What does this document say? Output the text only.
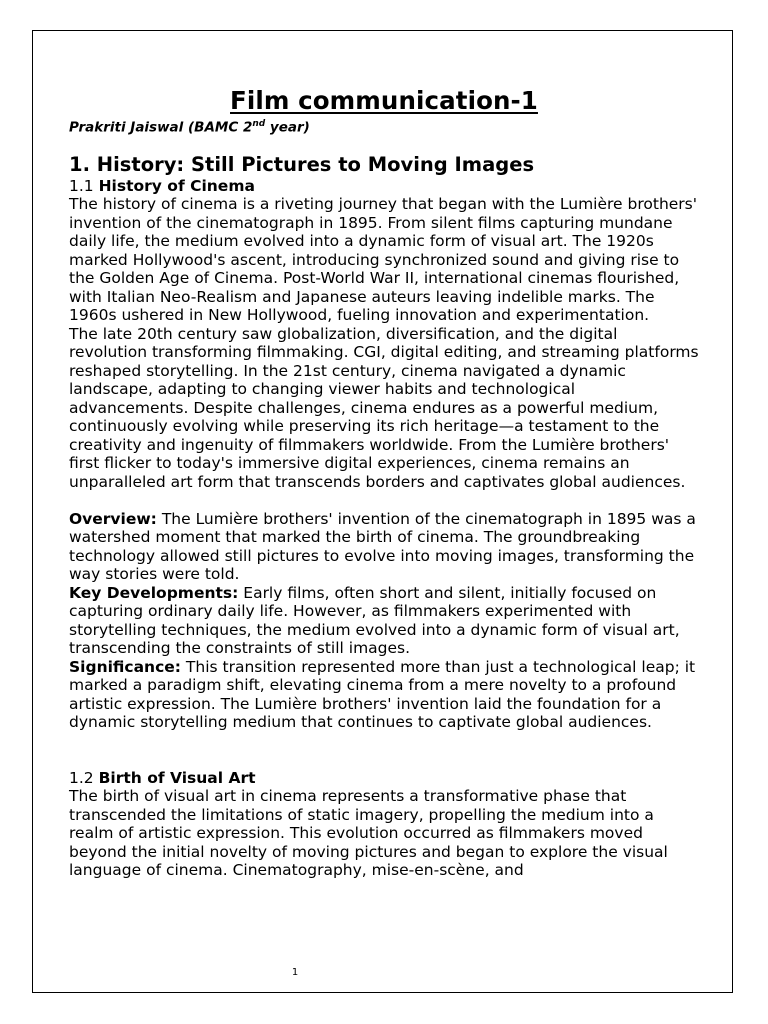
Film communication-1

Prakriti Jaiswal (BAMC 2nd year)

1. History: Still Pictures to Moving Images

1.1 History of Cinema

The history of cinema is a riveting journey that began with the Lumière brothers' invention of the cinematograph in 1895. From silent films capturing mundane daily life, the medium evolved into a dynamic form of visual art. The 1920s marked Hollywood's ascent, introducing synchronized sound and giving rise to the Golden Age of Cinema. Post-World War II, international cinemas flourished, with Italian Neo-Realism and Japanese auteurs leaving indelible marks. The 1960s ushered in New Hollywood, fueling innovation and experimentation.

The late 20th century saw globalization, diversification, and the digital revolution transforming filmmaking. CGI, digital editing, and streaming platforms reshaped storytelling. In the 21st century, cinema navigated a dynamic landscape, adapting to changing viewer habits and technological advancements. Despite challenges, cinema endures as a powerful medium, continuously evolving while preserving its rich heritage—a testament to the creativity and ingenuity of filmmakers worldwide. From the Lumière brothers' first flicker to today's immersive digital experiences, cinema remains an unparalleled art form that transcends borders and captivates global audiences.

Overview: The Lumière brothers' invention of the cinematograph in 1895 was a watershed moment that marked the birth of cinema. The groundbreaking technology allowed still pictures to evolve into moving images, transforming the way stories were told.

Key Developments: Early films, often short and silent, initially focused on capturing ordinary daily life. However, as filmmakers experimented with storytelling techniques, the medium evolved into a dynamic form of visual art, transcending the constraints of still images.

Significance: This transition represented more than just a technological leap; it marked a paradigm shift, elevating cinema from a mere novelty to a profound artistic expression. The Lumière brothers' invention laid the foundation for a dynamic storytelling medium that continues to captivate global audiences.

1.2 Birth of Visual Art

The birth of visual art in cinema represents a transformative phase that transcended the limitations of static imagery, propelling the medium into a realm of artistic expression. This evolution occurred as filmmakers moved beyond the initial novelty of moving pictures and began to explore the visual language of cinema. Cinematography, mise-en-scène, and

1
